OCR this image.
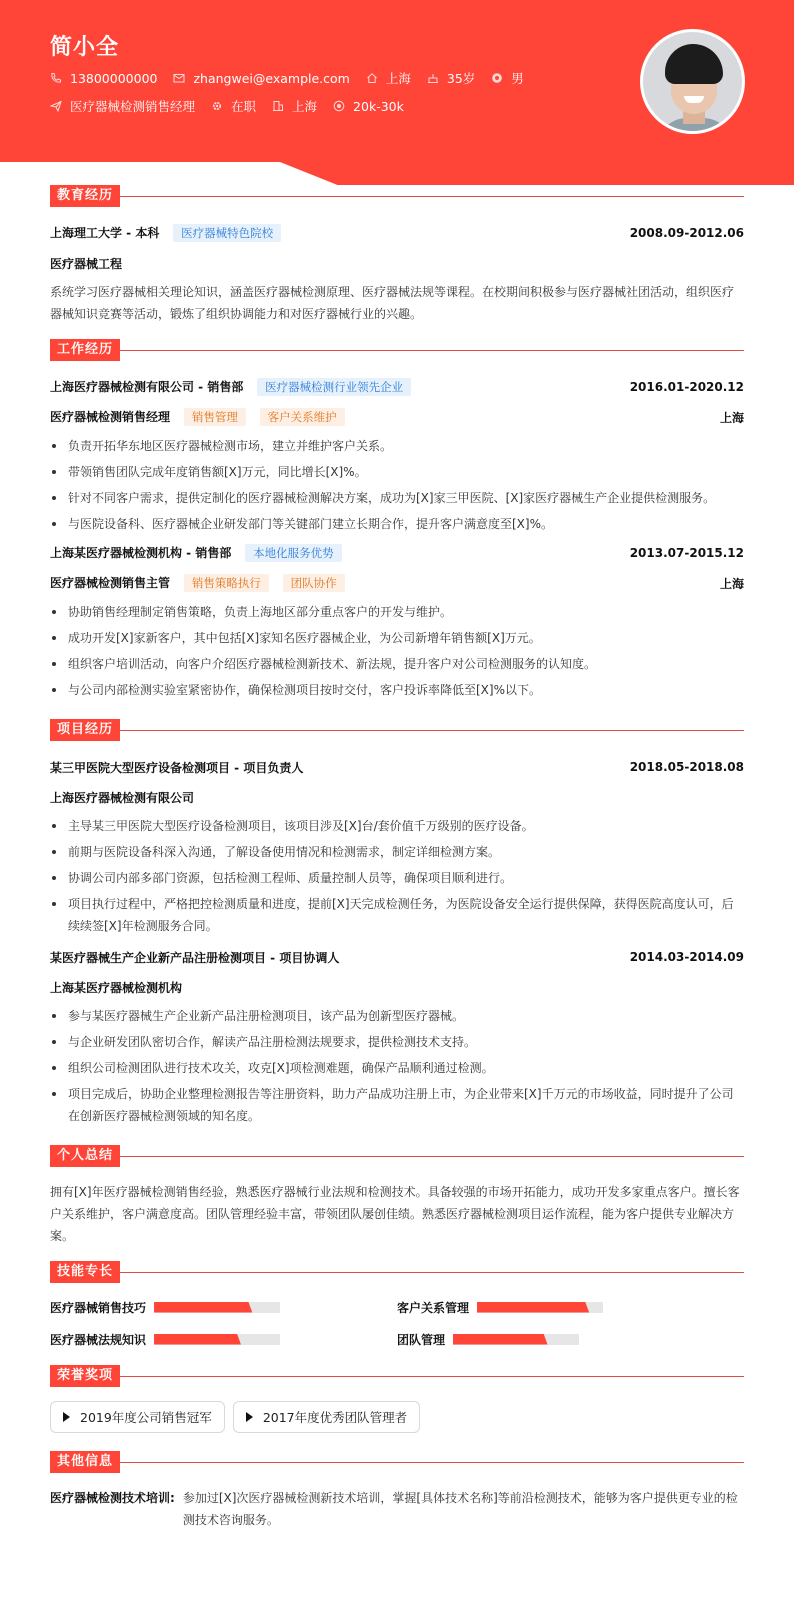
简小全
13800000000	zhangwei@example.com	上海	35岁	男
医疗器械检测销售经理	在职	上海	20k-30k
教育经历
上海理工大学 - 本科 医疗器械特色院校	2008.09-2012.06
医疗器械工程

系统学习医疗器械相关理论知识，涵盖医疗器械检测原理、医疗器械法规等课程。在校期间积极参与医疗器械社团活动，组织医疗器械知识竞赛等活动，锻炼了组织协调能力和对医疗器械行业的兴趣。

工作经历
上海医疗器械检测有限公司 - 销售部 医疗器械检测行业领先企业	2016.01-2020.12
医疗器械检测销售经理 销售管理	客户关系维护	上海
负责开拓华东地区医疗器械检测市场，建立并维护客户关系。
带领销售团队完成年度销售额[X]万元，同比增长[X]%。
针对不同客户需求，提供定制化的医疗器械检测解决方案，成功为[X]家三甲医院、[X]家医疗器械生产企业提供检测服务。
与医院设备科、医疗器械企业研发部门等关键部门建立长期合作，提升客户满意度至[X]%。
上海某医疗器械检测机构 - 销售部 本地化服务优势	2013.07-2015.12
医疗器械检测销售主管 销售策略执行	团队协作	上海
协助销售经理制定销售策略，负责上海地区部分重点客户的开发与维护。
成功开发[X]家新客户，其中包括[X]家知名医疗器械企业，为公司新增年销售额[X]万元。
组织客户培训活动，向客户介绍医疗器械检测新技术、新法规，提升客户对公司检测服务的认知度。
与公司内部检测实验室紧密协作，确保检测项目按时交付，客户投诉率降低至[X]%以下。
项目经历
某三甲医院大型医疗设备检测项目 - 项目负责人	2018.05-2018.08
上海医疗器械检测有限公司
主导某三甲医院大型医疗设备检测项目，该项目涉及[X]台/套价值千万级别的医疗设备。
前期与医院设备科深入沟通，了解设备使用情况和检测需求，制定详细检测方案。
协调公司内部多部门资源，包括检测工程师、质量控制人员等，确保项目顺利进行。
项目执行过程中，严格把控检测质量和进度，提前[X]天完成检测任务，为医院设备安全运行提供保障，获得医院高度认可，后续续签[X]年检测服务合同。
某医疗器械生产企业新产品注册检测项目 - 项目协调人	2014.03-2014.09
上海某医疗器械检测机构
参与某医疗器械生产企业新产品注册检测项目，该产品为创新型医疗器械。
与企业研发团队密切合作，解读产品注册检测法规要求，提供检测技术支持。
组织公司检测团队进行技术攻关，攻克[X]项检测难题，确保产品顺利通过检测。
项目完成后，协助企业整理检测报告等注册资料，助力产品成功注册上市，为企业带来[X]千万元的市场收益，同时提升了公司在创新医疗器械检测领域的知名度。
个人总结

拥有[X]年医疗器械检测销售经验，熟悉医疗器械行业法规和检测技术。具备较强的市场开拓能力，成功开发多家重点客户。擅长客户关系维护，客户满意度高。团队管理经验丰富，带领团队屡创佳绩。熟悉医疗器械检测项目运作流程，能为客户提供专业解决方案。

技能专长
医疗器械销售技巧	客户关系管理
医疗器械法规知识	团队管理
荣誉奖项
2019年度公司销售冠军	2017年度优秀团队管理者
其他信息
医疗器械检测技术培训: 参加过[X]次医疗器械检测新技术培训，掌握[具体技术名称]等前沿检测技术，能够为客户提供更专业的检测技术咨询服务。
